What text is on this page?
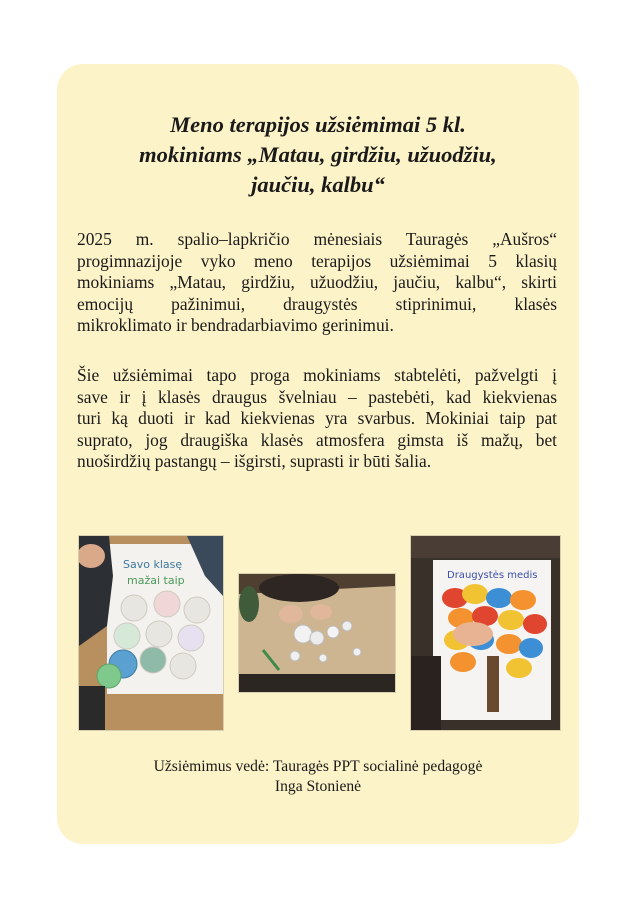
Meno terapijos užsiėmimai 5 kl.
mokiniams „Matau, girdžiu, užuodžiu,
jaučiu, kalbu“
2025 m. spalio–lapkričio mėnesiais Tauragės „Aušros“
progimnazijoje vyko meno terapijos užsiėmimai 5 klasių
mokiniams „Matau, girdžiu, užuodžiu, jaučiu, kalbu“, skirti
emocijų pažinimui, draugystės stiprinimui, klasės
mikroklimato ir bendradarbiavimo gerinimui.
Šie užsiėmimai tapo proga mokiniams stabtelėti, pažvelgti į
save ir į klasės draugus švelniau – pastebėti, kad kiekvienas
turi ką duoti ir kad kiekvienas yra svarbus. Mokiniai taip pat
suprato, jog draugiška klasės atmosfera gimsta iš mažų, bet
nuoširdžių pastangų – išgirsti, suprasti ir būti šalia.
Savo klasę
mažai taip	Draugystės medis
Užsiėmimus vedė: Tauragės PPT socialinė pedagogė
Inga Stonienė
